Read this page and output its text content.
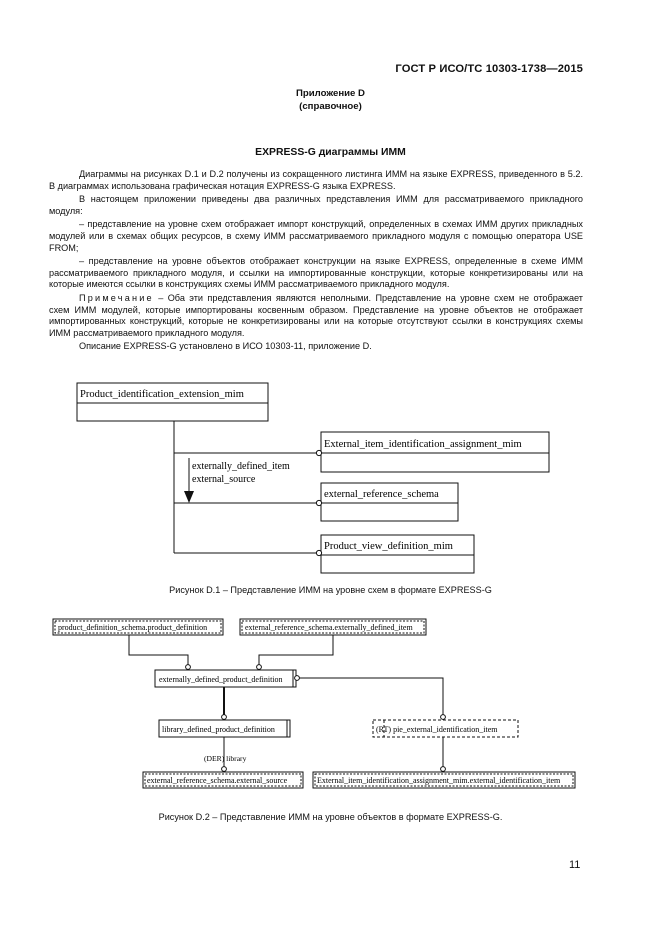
ГОСТ Р ИСО/ТС 10303-1738—2015
Приложение D
(справочное)
EXPRESS-G диаграммы ИММ

Диаграммы на рисунках D.1 и D.2 получены из сокращенного листинга ИММ на языке EXPRESS, приведенного в 5.2. В диаграммах использована графическая нотация EXPRESS-G языка EXPRESS.

В настоящем приложении приведены два различных представления ИММ для рассматриваемого прикладного модуля:

– представление на уровне схем отображает импорт конструкций, определенных в схемах ИММ других прикладных модулей или в схемах общих ресурсов, в схему ИММ рассматриваемого прикладного модуля с помощью оператора USE FROM;

– представление на уровне объектов отображает конструкции на языке EXPRESS, определенные в схеме ИММ рассматриваемого прикладного модуля, и ссылки на импортированные конструкции, которые конкретизированы или на которые имеются ссылки в конструкциях схемы ИММ рассматриваемого прикладного модуля.

Примечание – Оба эти представления являются неполными. Представление на уровне схем не отображает схем ИММ модулей, которые импортированы косвенным образом. Представление на уровне объектов не отображает импортированных конструкций, которые не конкретизированы или на которые отсутствуют ссылки в конструкциях схемы ИММ рассматриваемого прикладного модуля.

Описание EXPRESS-G установлено в ИСО 10303-11, приложение D.

Product_identification_extension_mim
External_item_identification_assignment_mim
external_reference_schema
Product_view_definition_mim
externally_defined_item
external_source
product_definition_schema.product_definition	external_reference_schema.externally_defined_item
externally_defined_product_definition
library_defined_product_definition	(RT) pie_external_identification_item
(DER) library
external_reference_schema.external_source	External_item_identification_assignment_mim.external_identification_item
Рисунок D.1 – Представление ИММ на уровне схем в формате EXPRESS-G
Рисунок D.2 – Представление ИММ на уровне объектов в формате EXPRESS-G.
11
